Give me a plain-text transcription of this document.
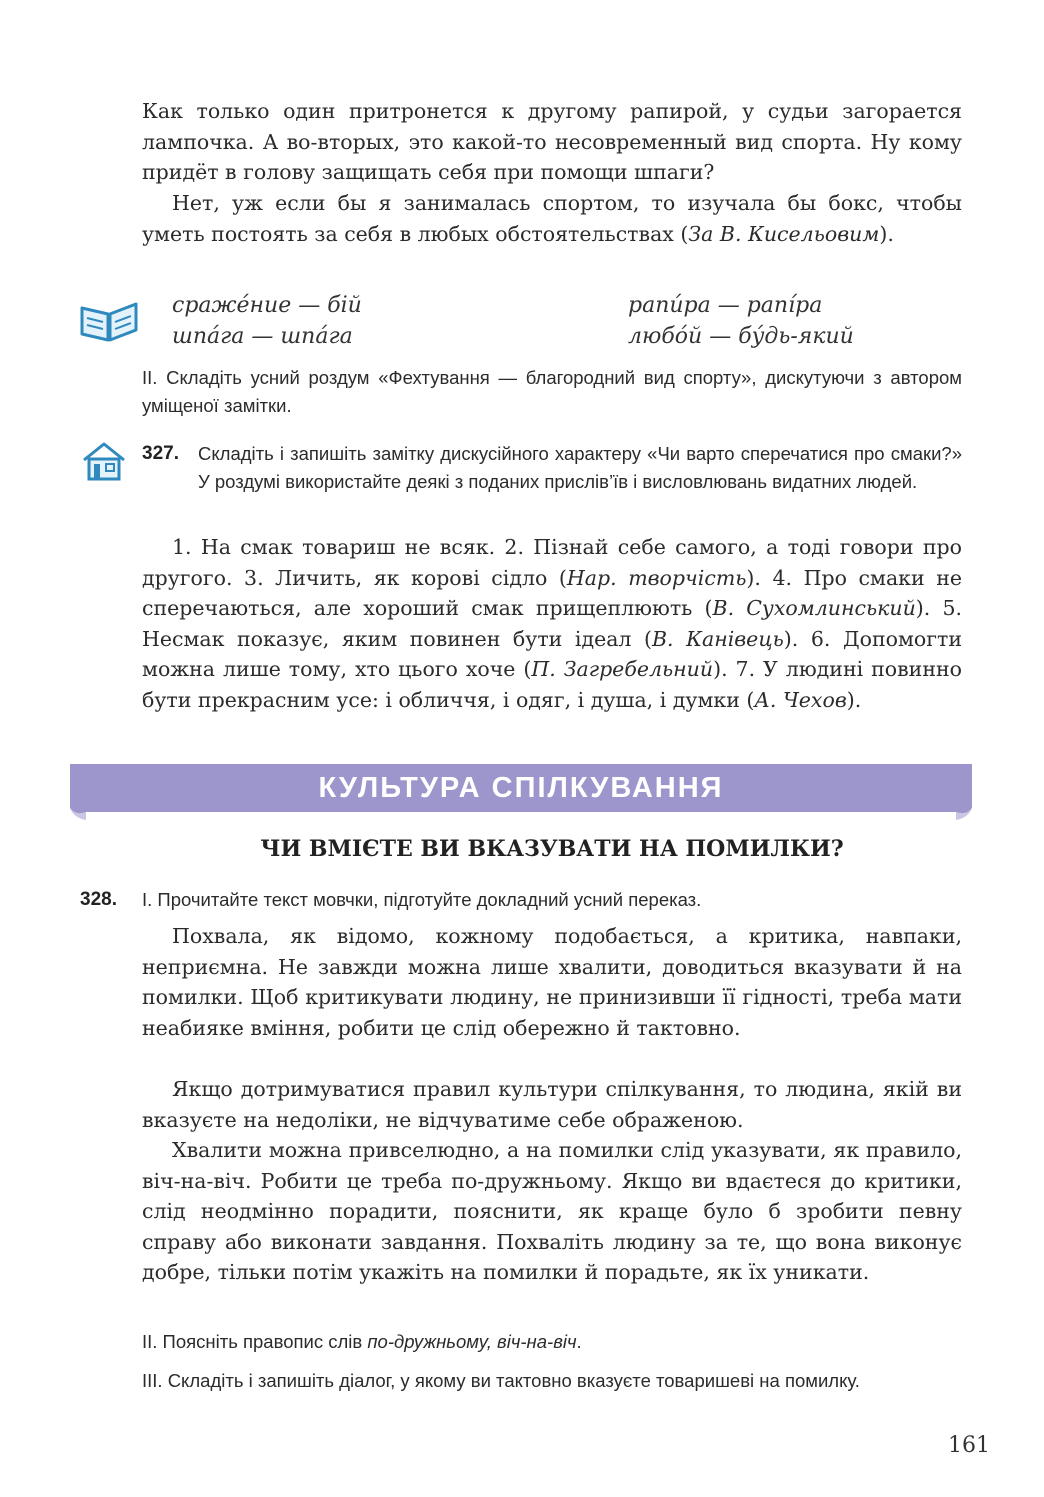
Как только один притронется к другому рапирой, у судьи загорается лампочка. А во-вторых, это какой-то несовременный вид спорта. Ну кому придёт в голову защищать себя при помощи шпаги?
Нет, уж если бы я занималась спортом, то изучала бы бокс, чтобы уметь постоять за себя в любых обстоятельствах (За В. Кисельовим).
сраже́ние — бій
шпа́га — шпа́га
рапи́ра — рапі́ра
любо́й — бу́дь-який
II. Складіть усний роздум «Фехтування — благородний вид спорту», дискутуючи з автором уміщеної замітки.
327. Складіть і запишіть замітку дискусійного характеру «Чи варто сперечатися про смаки?» У роздумі використайте деякі з поданих прислів’їв і висловлювань видатних людей.
1. На смак товариш не всяк. 2. Пізнай себе самого, а тоді говори про другого. 3. Личить, як корові сідло (Нар. творчість). 4. Про смаки не сперечаються, але хороший смак прищеплюють (В. Сухомлинський). 5. Несмак показує, яким повинен бути ідеал (В. Канівець). 6. Допомогти можна лише тому, хто цього хоче (П. Загребельний). 7. У людині повинно бути прекрасним усе: і обличчя, і одяг, і душа, і думки (А. Чехов).
КУЛЬТУРА СПІЛКУВАННЯ
ЧИ ВМІЄТЕ ВИ ВКАЗУВАТИ НА ПОМИЛКИ?
328. І. Прочитайте текст мовчки, підготуйте докладний усний переказ.
Похвала, як відомо, кожному подобається, а критика, навпаки, неприємна. Не завжди можна лише хвалити, доводиться вказувати й на помилки. Щоб критикувати людину, не принизивши її гідності, треба мати неабияке вміння, робити це слід обережно й тактовно.
Якщо дотримуватися правил культури спілкування, то людина, якій ви вказуєте на недоліки, не відчуватиме себе ображеною.
Хвалити можна привселюдно, а на помилки слід указувати, як правило, віч-на-віч. Робити це треба по-дружньому. Якщо ви вдаєтеся до критики, слід неодмінно порадити, пояснити, як краще було б зробити певну справу або виконати завдання. Похваліть людину за те, що вона виконує добре, тільки потім укажіть на помилки й порадьте, як їх уникати.
ІІ. Поясніть правопис слів по-дружньому, віч-на-віч.
ІІІ. Складіть і запишіть діалог, у якому ви тактовно вказуєте товаришеві на помилку.
161
